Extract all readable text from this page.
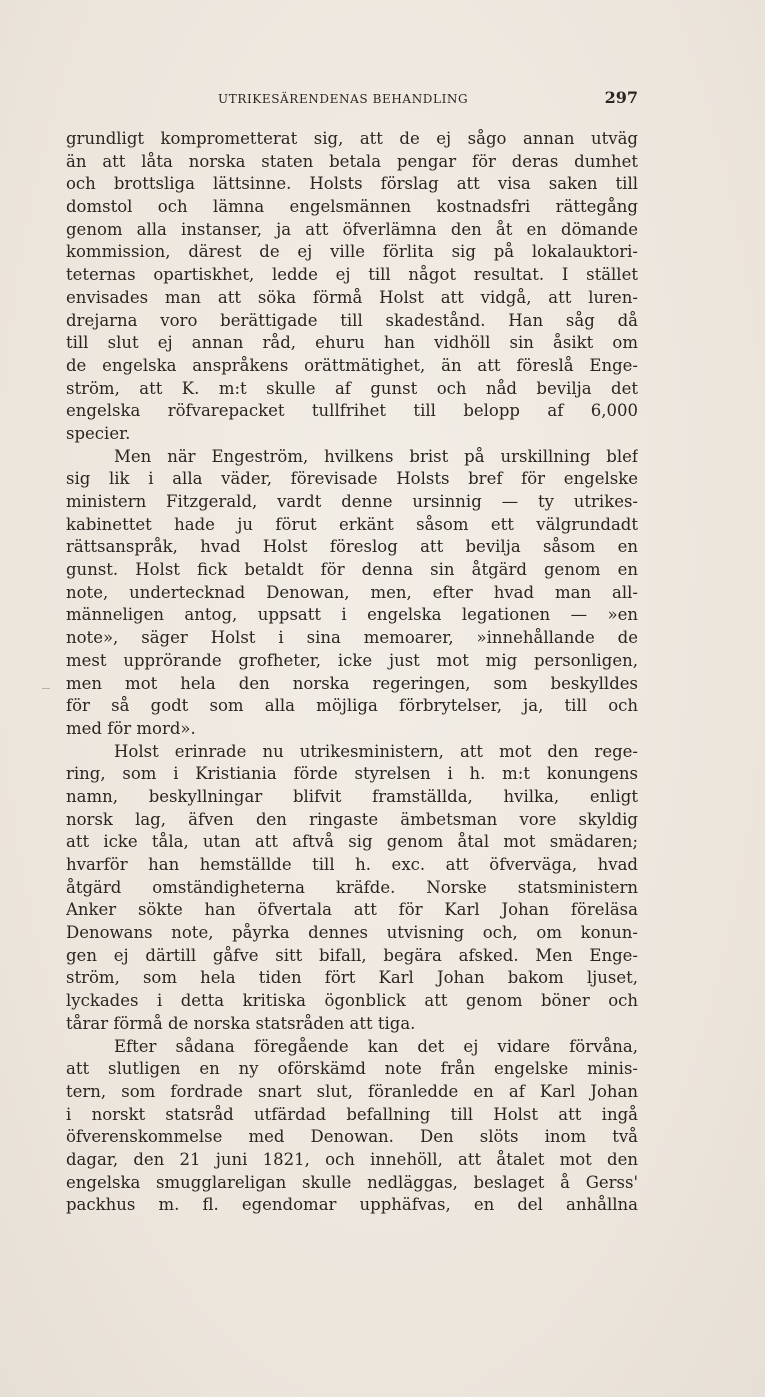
UTRIKESÄRENDENAS BEHANDLING	297
grundligt komprometterat sig, att de ej sågo annan utväg
än att låta norska staten betala pengar för deras dumhet
och brottsliga lättsinne. Holsts förslag att visa saken till
domstol och lämna engelsmännen kostnadsfri rättegång
genom alla instanser, ja att öfverlämna den åt en dömande
kommission, därest de ej ville förlita sig på lokalauktori-
teternas opartiskhet, ledde ej till något resultat. I stället
envisades man att söka förmå Holst att vidgå, att luren-
drejarna voro berättigade till skadestånd. Han såg då
till slut ej annan råd, ehuru han vidhöll sin åsikt om
de engelska anspråkens orättmätighet, än att föreslå Enge-
ström, att K. m:t skulle af gunst och nåd bevilja det
engelska röfvarepacket tullfrihet till belopp af 6,000
specier.
Men när Engeström, hvilkens brist på urskillning blef
sig lik i alla väder, förevisade Holsts bref för engelske
ministern Fitzgerald, vardt denne ursinnig — ty utrikes-
kabinettet hade ju förut erkänt såsom ett välgrundadt
rättsanspråk, hvad Holst föreslog att bevilja såsom en
gunst. Holst fick betaldt för denna sin åtgärd genom en
note, undertecknad Denowan, men, efter hvad man all-
männeligen antog, uppsatt i engelska legationen — »en
note», säger Holst i sina memoarer, »innehållande de
mest upprörande grofheter, icke just mot mig personligen,
men mot hela den norska regeringen, som beskylldes
för så godt som alla möjliga förbrytelser, ja, till och
med för mord».
Holst erinrade nu utrikesministern, att mot den rege-
ring, som i Kristiania förde styrelsen i h. m:t konungens
namn, beskyllningar blifvit framställda, hvilka, enligt
norsk lag, äfven den ringaste ämbetsman vore skyldig
att icke tåla, utan att aftvå sig genom åtal mot smädaren;
hvarför han hemställde till h. exc. att öfverväga, hvad
åtgärd omständigheterna kräfde. Norske statsministern
Anker sökte han öfvertala att för Karl Johan föreläsa
Denowans note, påyrka dennes utvisning och, om konun-
gen ej därtill gåfve sitt bifall, begära afsked. Men Enge-
ström, som hela tiden fört Karl Johan bakom ljuset,
lyckades i detta kritiska ögonblick att genom böner och
tårar förmå de norska statsråden att tiga.
Efter sådana föregående kan det ej vidare förvåna,
att slutligen en ny oförskämd note från engelske minis-
tern, som fordrade snart slut, föranledde en af Karl Johan
i norskt statsråd utfärdad befallning till Holst att ingå
öfverenskommelse med Denowan. Den slöts inom två
dagar, den 21 juni 1821, och innehöll, att åtalet mot den
engelska smugglareligan skulle nedläggas, beslaget å Gerss'
packhus m. fl. egendomar upphäfvas, en del anhållna
